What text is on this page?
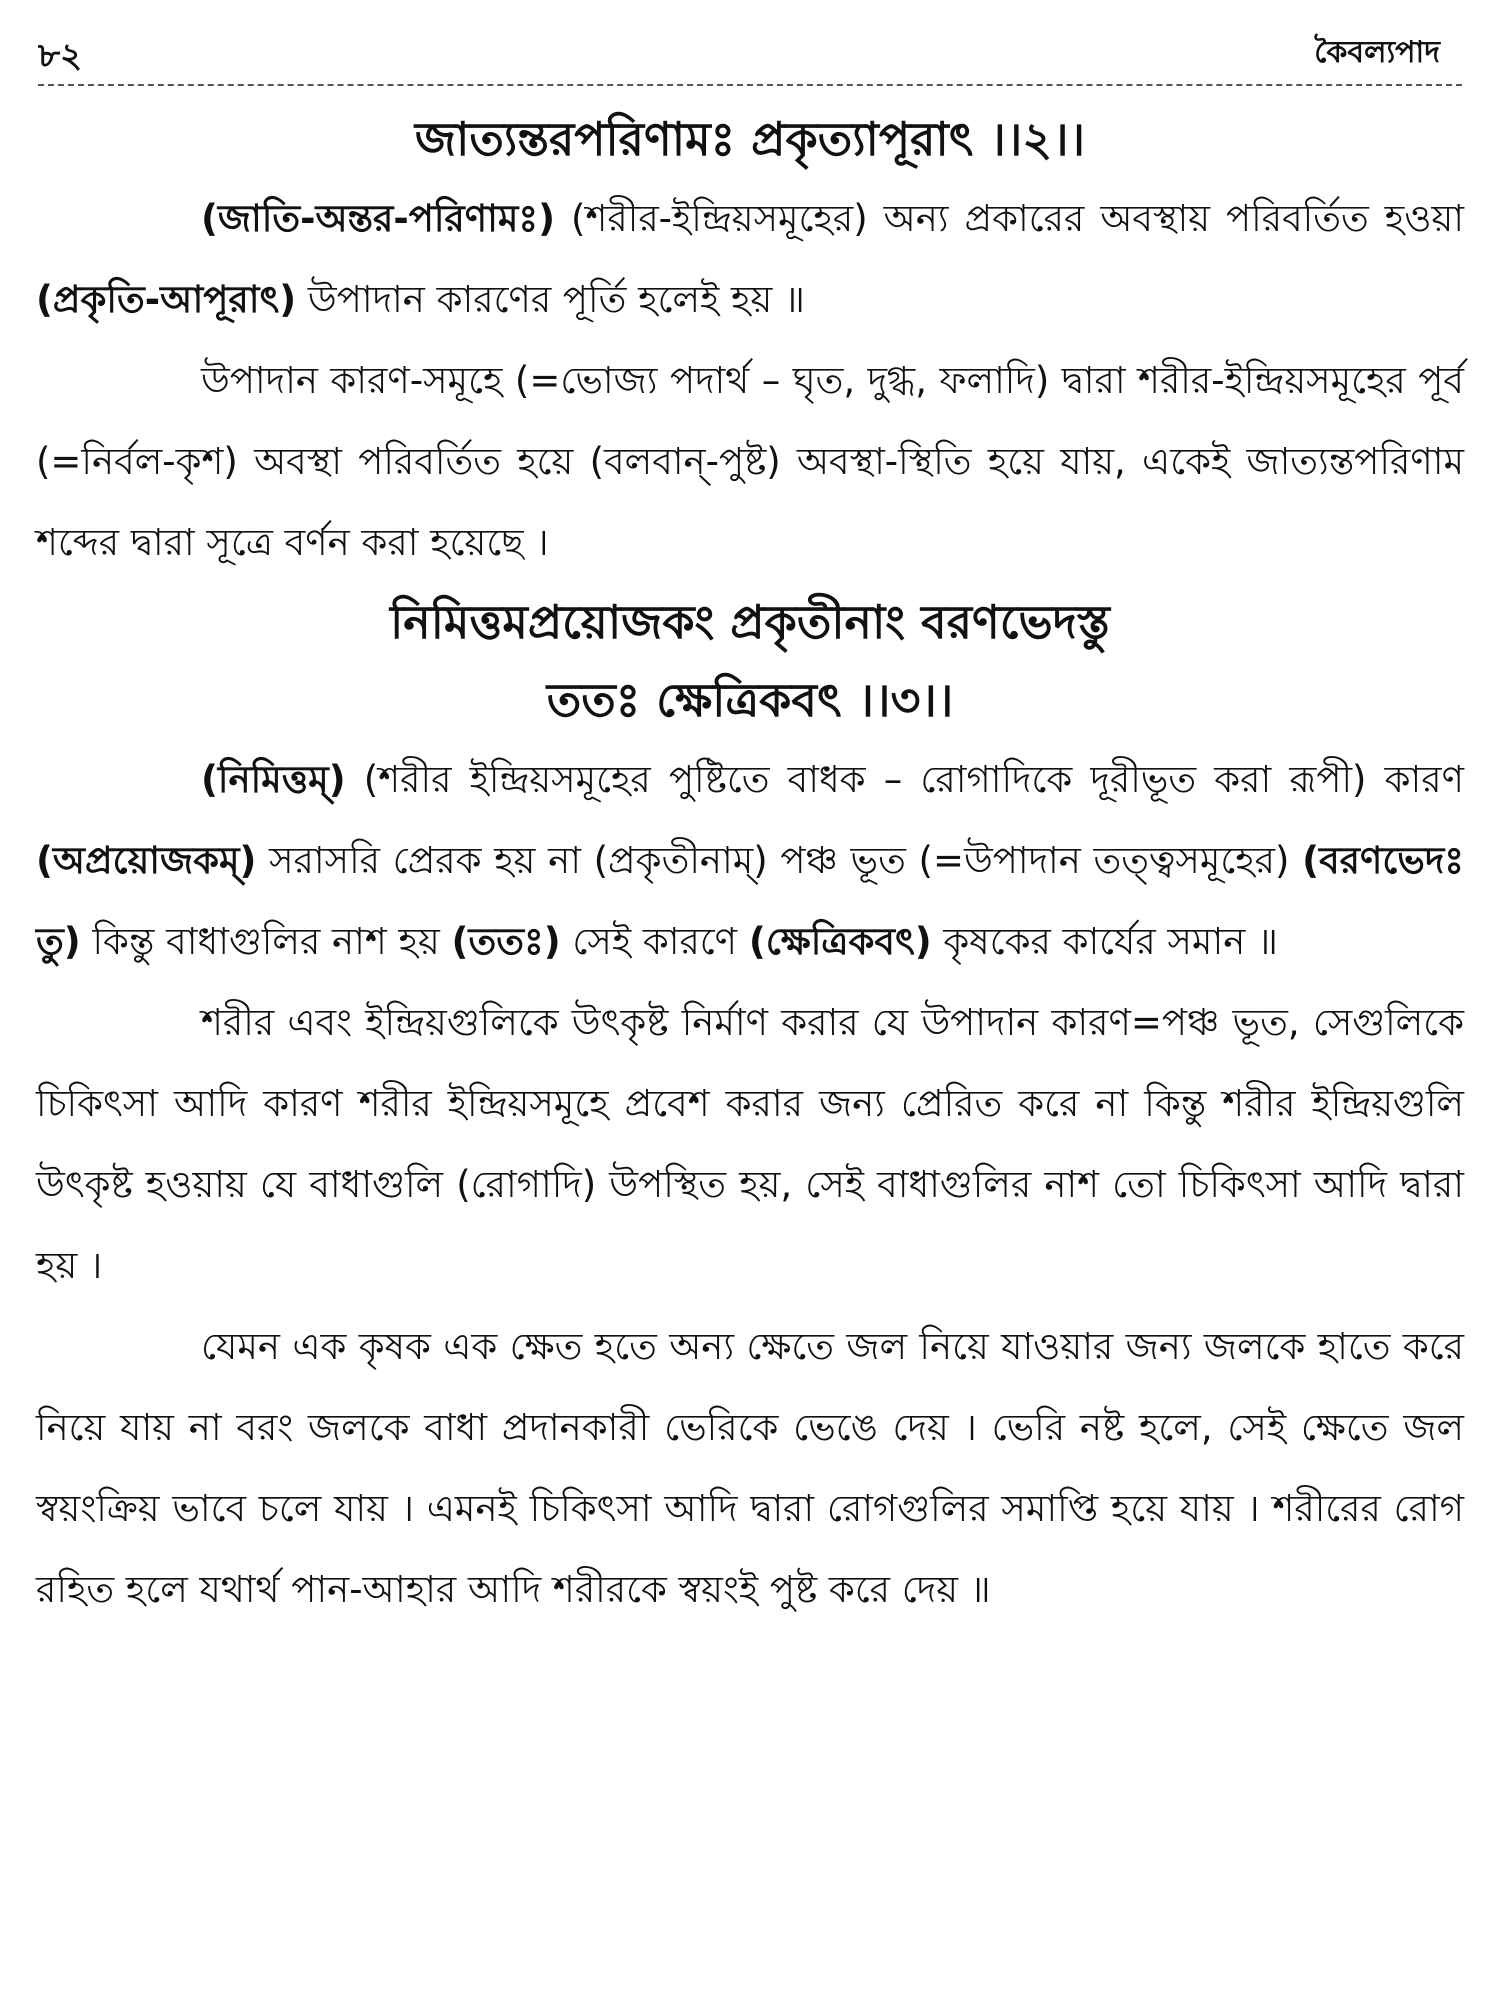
৮২	কৈবল্যপাদ

জাত্যন্তরপরিণামঃ প্রকৃত্যাপূরাৎ ।।২।।

(জাতি-অন্তর-পরিণামঃ) (শরীর-ইন্দ্রিয়সমূহের) অন্য প্রকারের অবস্থায় পরিবর্তিত হওয়া (প্রকৃতি-আপূরাৎ) উপাদান কারণের পূর্তি হলেই হয় ॥

উপাদান কারণ-সমূহে (=ভোজ্য পদার্থ – ঘৃত, দুগ্ধ, ফলাদি) দ্বারা শরীর-ইন্দ্রিয়সমূহের পূর্ব (=নির্বল-কৃশ) অবস্থা পরিবর্তিত হয়ে (বলবান্-পুষ্ট) অবস্থা-স্থিতি হয়ে যায়, একেই জাত্যন্তপরিণাম শব্দের দ্বারা সূত্রে বর্ণন করা হয়েছে ।

নিমিত্তমপ্রয়োজকং প্রকৃতীনাং বরণভেদস্তু

ততঃ ক্ষেত্রিকবৎ ।।৩।।

(নিমিত্তম্) (শরীর ইন্দ্রিয়সমূহের পুষ্টিতে বাধক – রোগাদিকে দূরীভূত করা রূপী) কারণ (অপ্রয়োজকম্) সরাসরি প্রেরক হয় না (প্রকৃতীনাম্) পঞ্চ ভূত (=উপাদান তত্ত্বসমূহের) (বরণভেদঃ তু) কিন্তু বাধাগুলির নাশ হয় (ততঃ) সেই কারণে (ক্ষেত্রিকবৎ) কৃষকের কার্যের সমান ॥

শরীর এবং ইন্দ্রিয়গুলিকে উৎকৃষ্ট নির্মাণ করার যে উপাদান কারণ=পঞ্চ ভূত, সেগুলিকে চিকিৎসা আদি কারণ শরীর ইন্দ্রিয়সমূহে প্রবেশ করার জন্য প্রেরিত করে না কিন্তু শরীর ইন্দ্রিয়গুলি উৎকৃষ্ট হওয়ায় যে বাধাগুলি (রোগাদি) উপস্থিত হয়, সেই বাধাগুলির নাশ তো চিকিৎসা আদি দ্বারা হয় ।

যেমন এক কৃষক এক ক্ষেত হতে অন্য ক্ষেতে জল নিয়ে যাওয়ার জন্য জলকে হাতে করে নিয়ে যায় না বরং জলকে বাধা প্রদানকারী ভেরিকে ভেঙে দেয় । ভেরি নষ্ট হলে, সেই ক্ষেতে জল স্বয়ংক্রিয় ভাবে চলে যায় । এমনই চিকিৎসা আদি দ্বারা রোগগুলির সমাপ্তি হয়ে যায় । শরীরের রোগ রহিত হলে যথার্থ পান-আহার আদি শরীরকে স্বয়ংই পুষ্ট করে দেয় ॥
